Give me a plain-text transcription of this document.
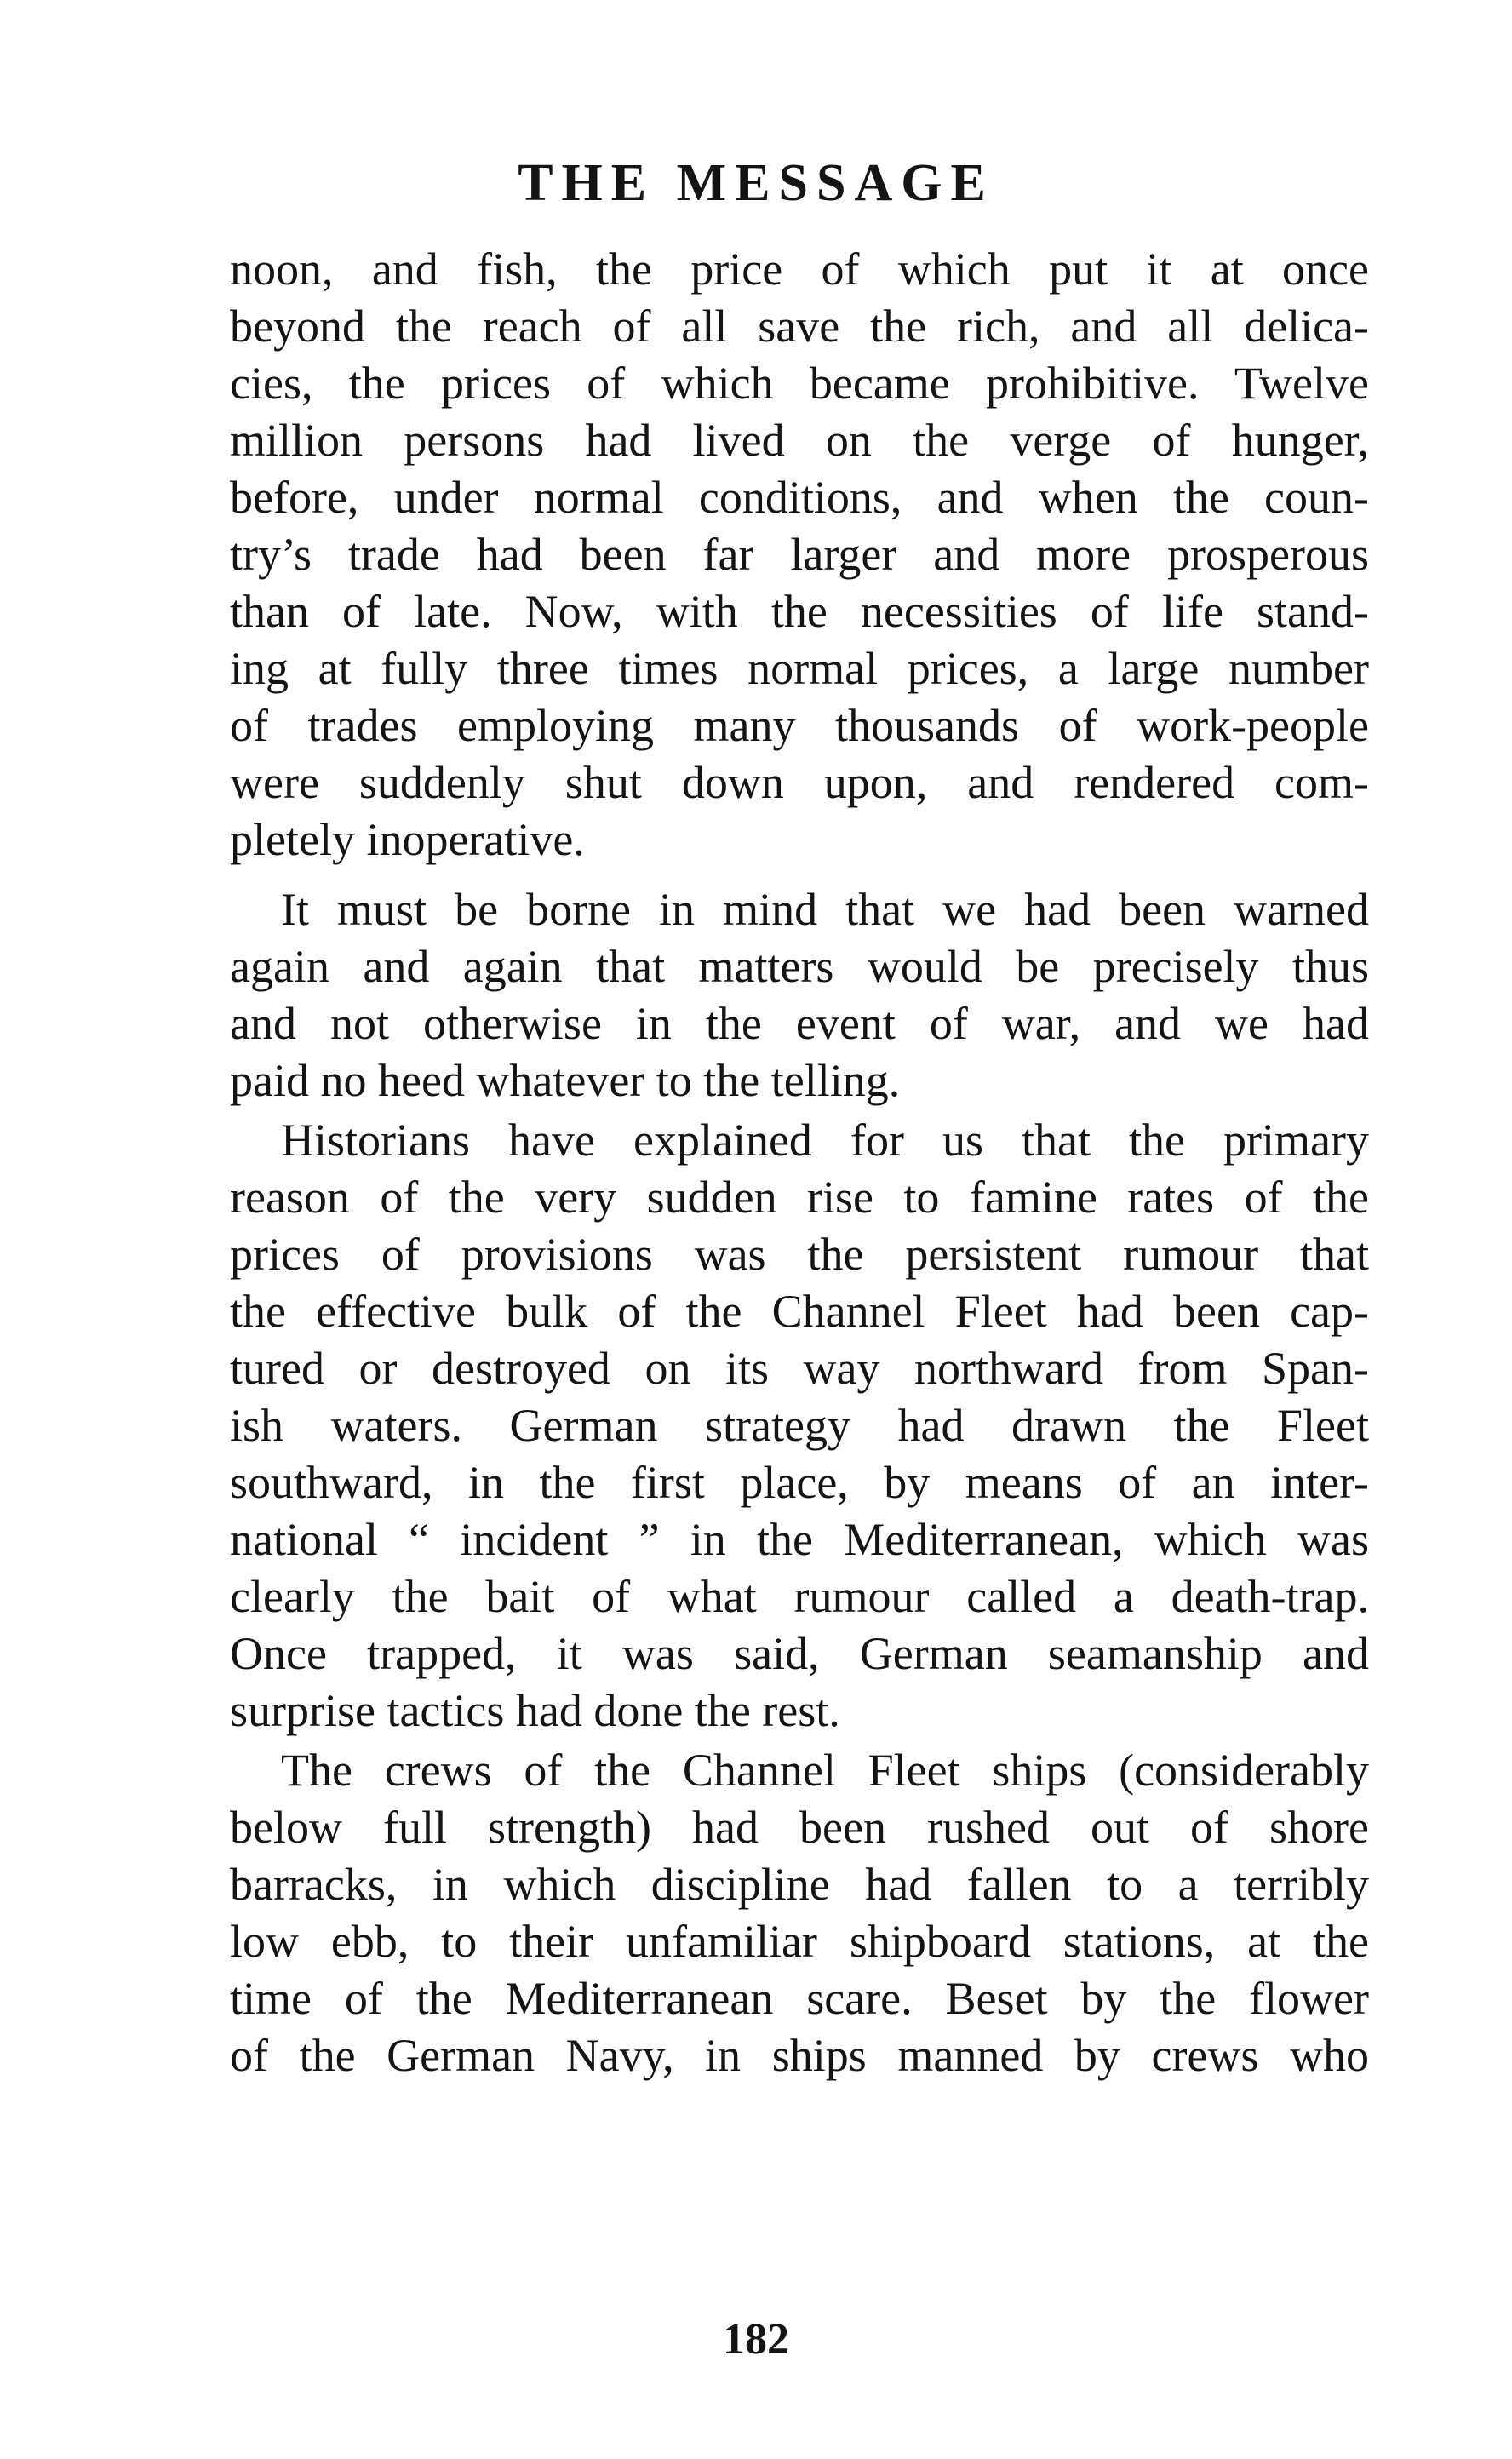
THE MESSAGE
noon, and fish, the price of which put it at once
beyond the reach of all save the rich, and all delica-
cies, the prices of which became prohibitive. Twelve
million persons had lived on the verge of hunger,
before, under normal conditions, and when the coun-
try’s trade had been far larger and more prosperous
than of late. Now, with the necessities of life stand-
ing at fully three times normal prices, a large number
of trades employing many thousands of work-people
were suddenly shut down upon, and rendered com-
pletely inoperative.
It must be borne in mind that we had been warned
again and again that matters would be precisely thus
and not otherwise in the event of war, and we had
paid no heed whatever to the telling.
Historians have explained for us that the primary
reason of the very sudden rise to famine rates of the
prices of provisions was the persistent rumour that
the effective bulk of the Channel Fleet had been cap-
tured or destroyed on its way northward from Span-
ish waters. German strategy had drawn the Fleet
southward, in the first place, by means of an inter-
national “ incident ” in the Mediterranean, which was
clearly the bait of what rumour called a death-trap.
Once trapped, it was said, German seamanship and
surprise tactics had done the rest.
The crews of the Channel Fleet ships (considerably
below full strength) had been rushed out of shore
barracks, in which discipline had fallen to a terribly
low ebb, to their unfamiliar shipboard stations, at the
time of the Mediterranean scare. Beset by the flower
of the German Navy, in ships manned by crews who
182
